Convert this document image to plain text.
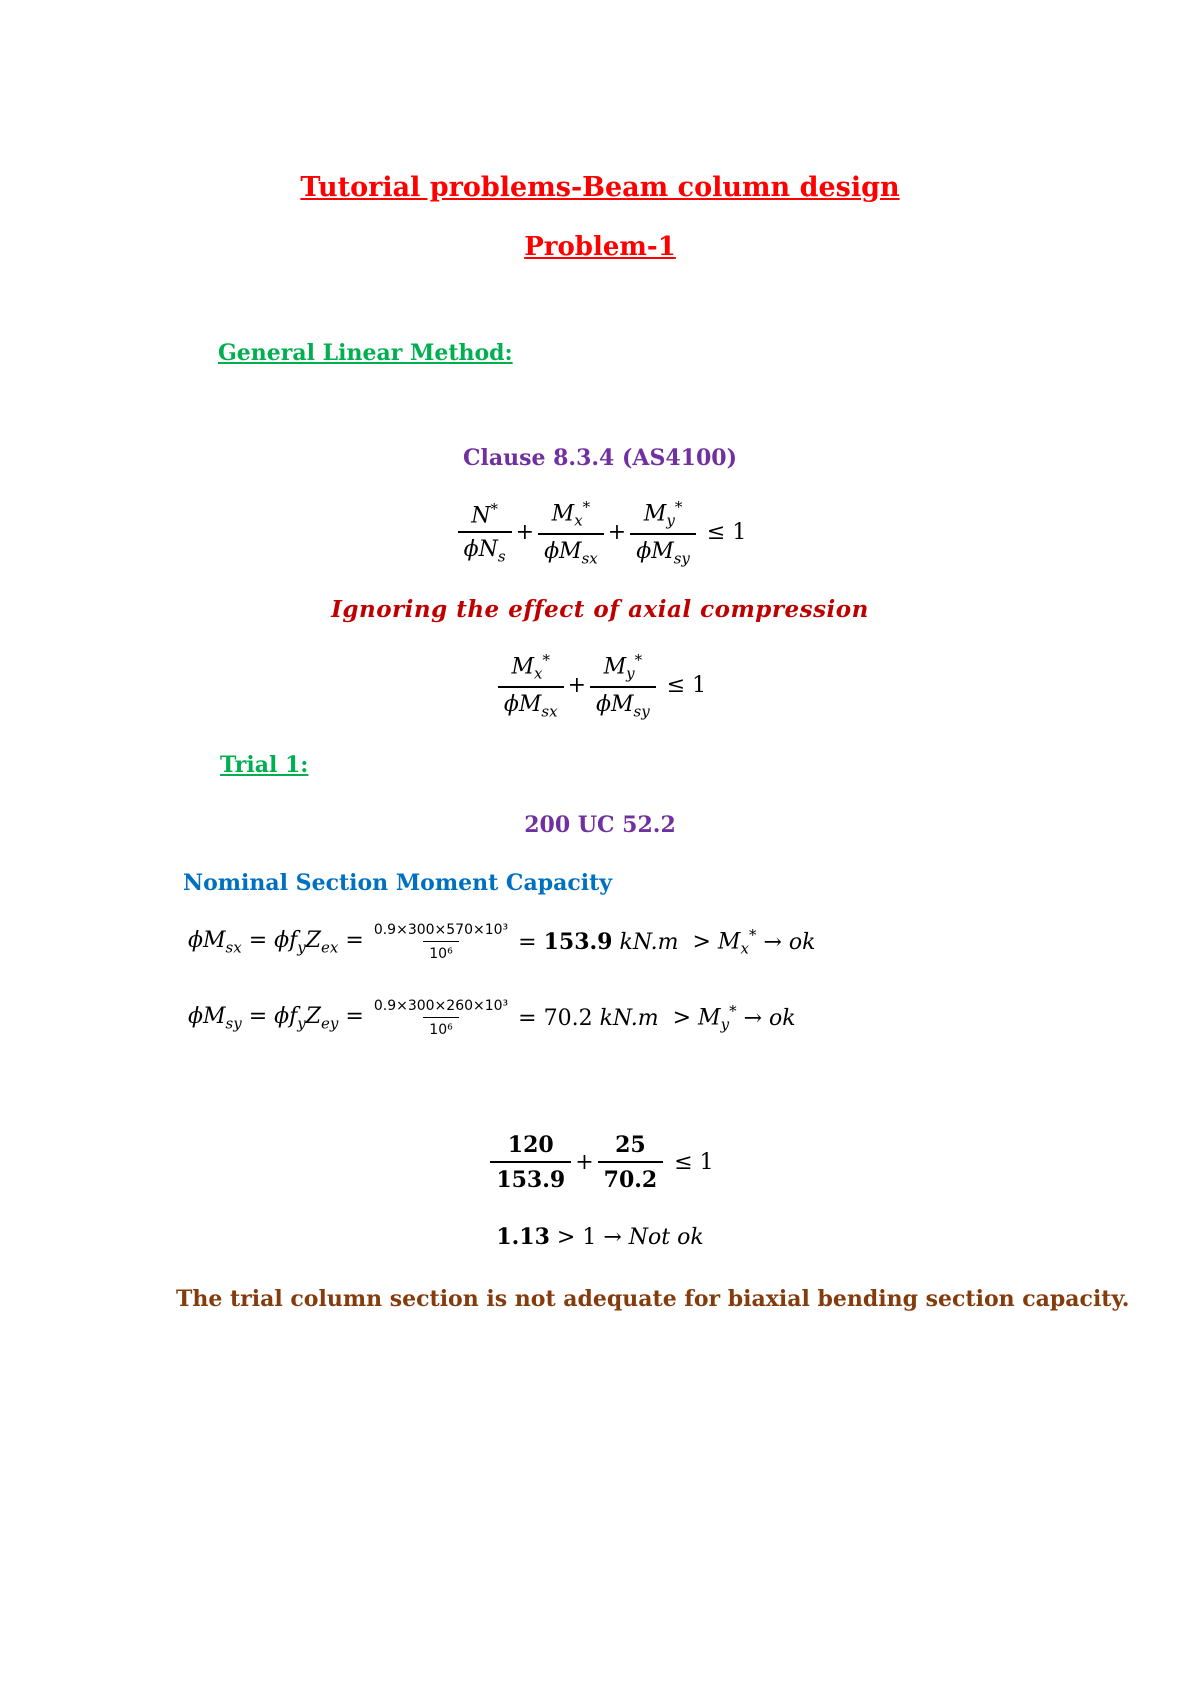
Tutorial problems-Beam column design
Problem-1
General Linear Method:
Clause 8.3.4 (AS4100)
$\frac{N^*}{\phi N_s} + \frac{M_x^*}{\phi M_{sx}} + \frac{M_y^*}{\phi M_{sy}} \le 1$
Ignoring the effect of axial compression
$\frac{M_x^*}{\phi M_{sx}} + \frac{M_y^*}{\phi M_{sy}} \le 1$
Trial 1:
200 UC 52.2
Nominal Section Moment Capacity
$\phi M_{sx} = \phi f_yZ_{ex} = \frac{\text{0.9×300×570×10³}}{\text{10⁶}} = 153.9$
$kN.m > M_x^*$ → ok
$\phi M_{sy} = \phi f_yZ_{ey} = \frac{\text{0.9×300×260×10³}}{\text{10⁶}} = 70.2$
$kN.m > M_y^*$ → ok
$\frac{120}{153.9} + \frac{25}{70.2}$
≤ 1
1.13 > 1 → Not ok
The trial column section is not adequate for biaxial bending section capacity.
